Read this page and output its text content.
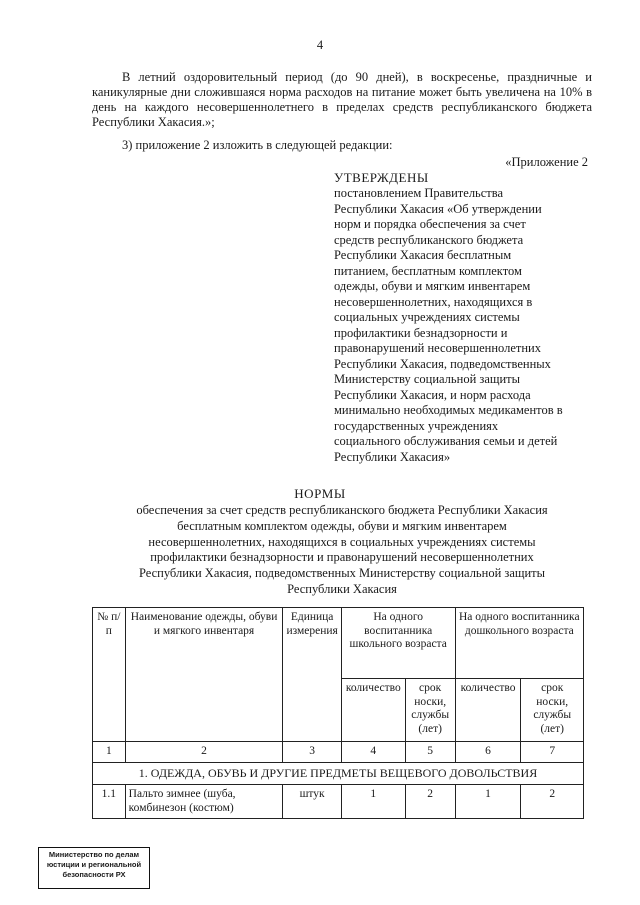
4
В летний оздоровительный период (до 90 дней), в воскресенье, праздничные и каникулярные дни сложившаяся норма расходов на питание может быть увеличена на 10% в день на каждого несовершеннолетнего в пределах средств республиканского бюджета Республики Хакасия.»;
3) приложение 2 изложить в следующей редакции:
«Приложение 2
УТВЕРЖДЕНЫ
постановлением Правительства
Республики Хакасия «Об утверждении
норм и порядка обеспечения за счет
средств республиканского бюджета
Республики Хакасия бесплатным
питанием, бесплатным комплектом
одежды, обуви и мягким инвентарем
несовершеннолетних, находящихся в
социальных учреждениях системы
профилактики безнадзорности и
правонарушений несовершеннолетних
Республики Хакасия, подведомственных
Министерству социальной защиты
Республики Хакасия, и норм расхода
минимально необходимых медикаментов в
государственных учреждениях
социального обслуживания семьи и детей
Республики Хакасия»
НОРМЫ
обеспечения за счет средств республиканского бюджета Республики Хакасия
бесплатным комплектом одежды, обуви и мягким инвентарем
несовершеннолетних, находящихся в социальных учреждениях системы
профилактики безнадзорности и правонарушений несовершеннолетних
Республики Хакасия, подведомственных Министерству социальной защиты
Республики Хакасия
№ п/п	Наименование одежды, обуви и мягкого инвентаря	Единица измерения	На одного воспитанника школьного возраста		На одного воспитанника дошкольного возраста	
			количество	срок носки, службы (лет)	количество	срок носки, службы (лет)
1	2	3	4	5	6	7
1. ОДЕЖДА, ОБУВЬ И ДРУГИЕ ПРЕДМЕТЫ ВЕЩЕВОГО ДОВОЛЬСТВИЯ						
1.1	Пальто зимнее (шуба, комбинезон (костюм)	штук	1	2	1	2
Министерство по делам юстиции и региональной безопасности РХ
